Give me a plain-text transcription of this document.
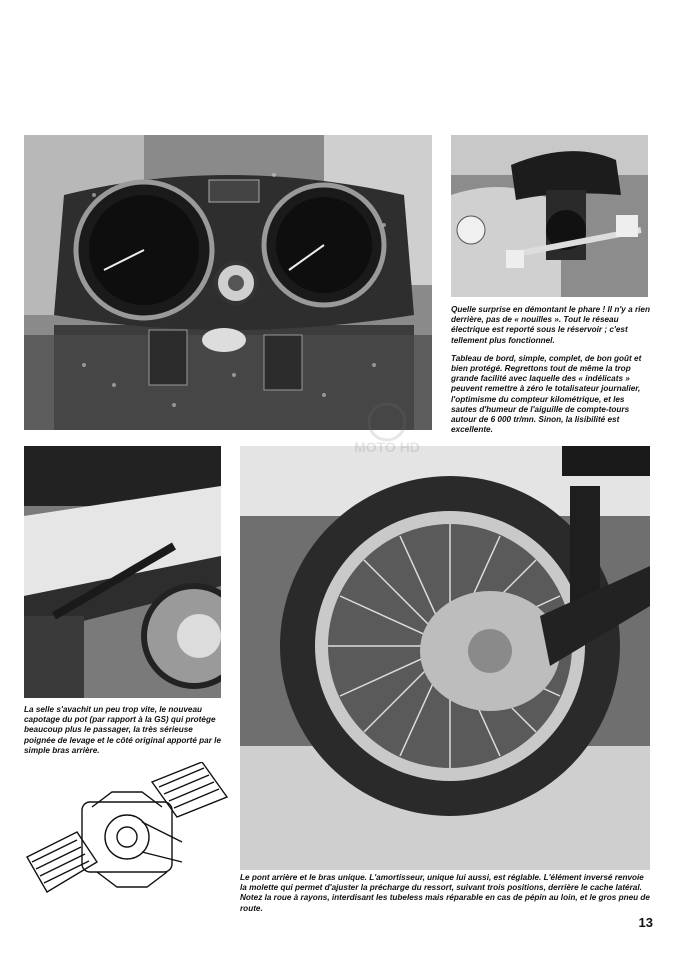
Quelle surprise en démontant le phare ! Il n'y a rien derrière, pas de « nouilles ». Tout le réseau électrique est reporté sous le réservoir ; c'est tellement plus fonctionnel.

Tableau de bord, simple, complet, de bon goût et bien protégé. Regrettons tout de même la trop grande facilité avec laquelle des « indélicats » peuvent remettre à zéro le totalisateur journalier, l'optimisme du compteur kilométrique, et les sautes d'humeur de l'aiguille de compte-tours autour de 6 000 tr/mn. Sinon, la lisibilité est excellente.

La selle s'avachit un peu trop vite, le nouveau capotage du pot (par rapport à la GS) qui protège beaucoup plus le passager, la très sérieuse poignée de levage et le côté original apporté par le simple bras arrière.

Le pont arrière et le bras unique. L'amortisseur, unique lui aussi, est réglable. L'élément inversé renvoie la molette qui permet d'ajuster la précharge du ressort, suivant trois positions, derrière le cache latéral. Notez la roue à rayons, interdisant les tubeless mais réparable en cas de pépin au loin, et le gros pneu de route.

MOTO HD
13
